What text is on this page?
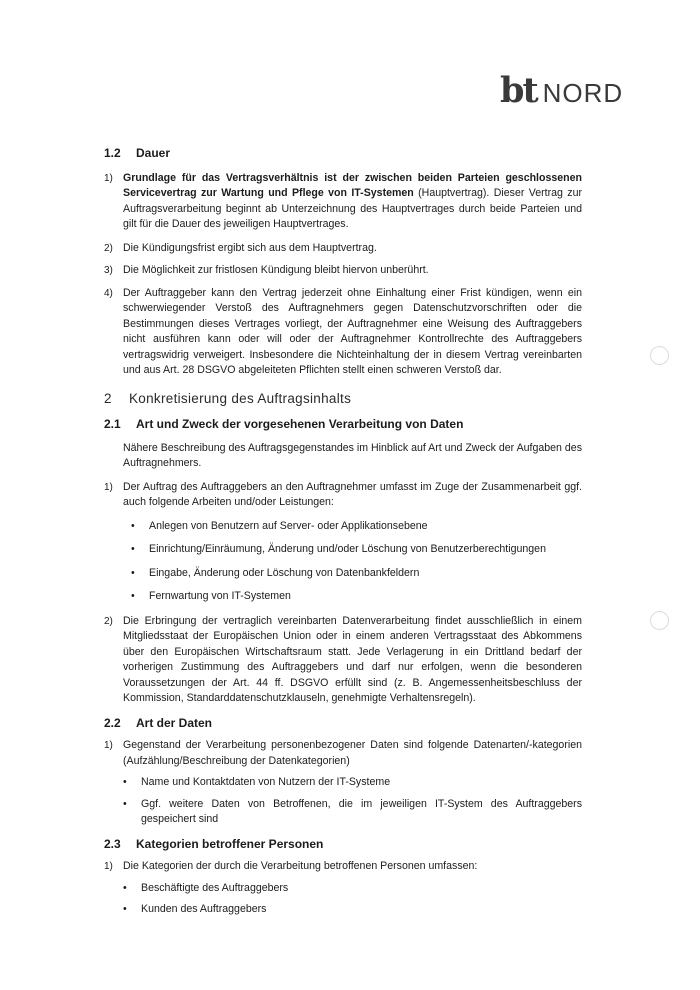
bt NORD
1.2	Dauer
1) Grundlage für das Vertragsverhältnis ist der zwischen beiden Parteien geschlossenen Servicevertrag zur Wartung und Pflege von IT-Systemen (Hauptvertrag). Dieser Vertrag zur Auftragsverarbeitung beginnt ab Unterzeichnung des Hauptvertrages durch beide Parteien und gilt für die Dauer des jeweiligen Hauptvertrages.
2) Die Kündigungsfrist ergibt sich aus dem Hauptvertrag.
3) Die Möglichkeit zur fristlosen Kündigung bleibt hiervon unberührt.
4) Der Auftraggeber kann den Vertrag jederzeit ohne Einhaltung einer Frist kündigen, wenn ein schwerwiegender Verstoß des Auftragnehmers gegen Datenschutzvorschriften oder die Bestimmungen dieses Vertrages vorliegt, der Auftragnehmer eine Weisung des Auftraggebers nicht ausführen kann oder will oder der Auftragnehmer Kontrollrechte des Auftraggebers vertragswidrig verweigert. Insbesondere die Nichteinhaltung der in diesem Vertrag vereinbarten und aus Art. 28 DSGVO abgeleiteten Pflichten stellt einen schweren Verstoß dar.
2	Konkretisierung des Auftragsinhalts
2.1	Art und Zweck der vorgesehenen Verarbeitung von Daten
Nähere Beschreibung des Auftragsgegenstandes im Hinblick auf Art und Zweck der Aufgaben des Auftragnehmers.
1) Der Auftrag des Auftraggebers an den Auftragnehmer umfasst im Zuge der Zusammenarbeit ggf. auch folgende Arbeiten und/oder Leistungen:
•	Anlegen von Benutzern auf Server- oder Applikationsebene
•	Einrichtung/Einräumung, Änderung und/oder Löschung von Benutzerberechtigungen
•	Eingabe, Änderung oder Löschung von Datenbankfeldern
•	Fernwartung von IT-Systemen
2) Die Erbringung der vertraglich vereinbarten Datenverarbeitung findet ausschließlich in einem Mitgliedsstaat der Europäischen Union oder in einem anderen Vertragsstaat des Abkommens über den Europäischen Wirtschaftsraum statt. Jede Verlagerung in ein Drittland bedarf der vorherigen Zustimmung des Auftraggebers und darf nur erfolgen, wenn die besonderen Voraussetzungen der Art. 44 ff. DSGVO erfüllt sind (z. B. Angemessenheitsbeschluss der Kommission, Standarddatenschutzklauseln, genehmigte Verhaltensregeln).
2.2	Art der Daten
1) Gegenstand der Verarbeitung personenbezogener Daten sind folgende Datenarten/-kategorien (Aufzählung/Beschreibung der Datenkategorien)
•	Name und Kontaktdaten von Nutzern der IT-Systeme
•	Ggf. weitere Daten von Betroffenen, die im jeweiligen IT-System des Auftraggebers gespeichert sind
2.3	Kategorien betroffener Personen
1) Die Kategorien der durch die Verarbeitung betroffenen Personen umfassen:
•	Beschäftigte des Auftraggebers
•	Kunden des Auftraggebers
